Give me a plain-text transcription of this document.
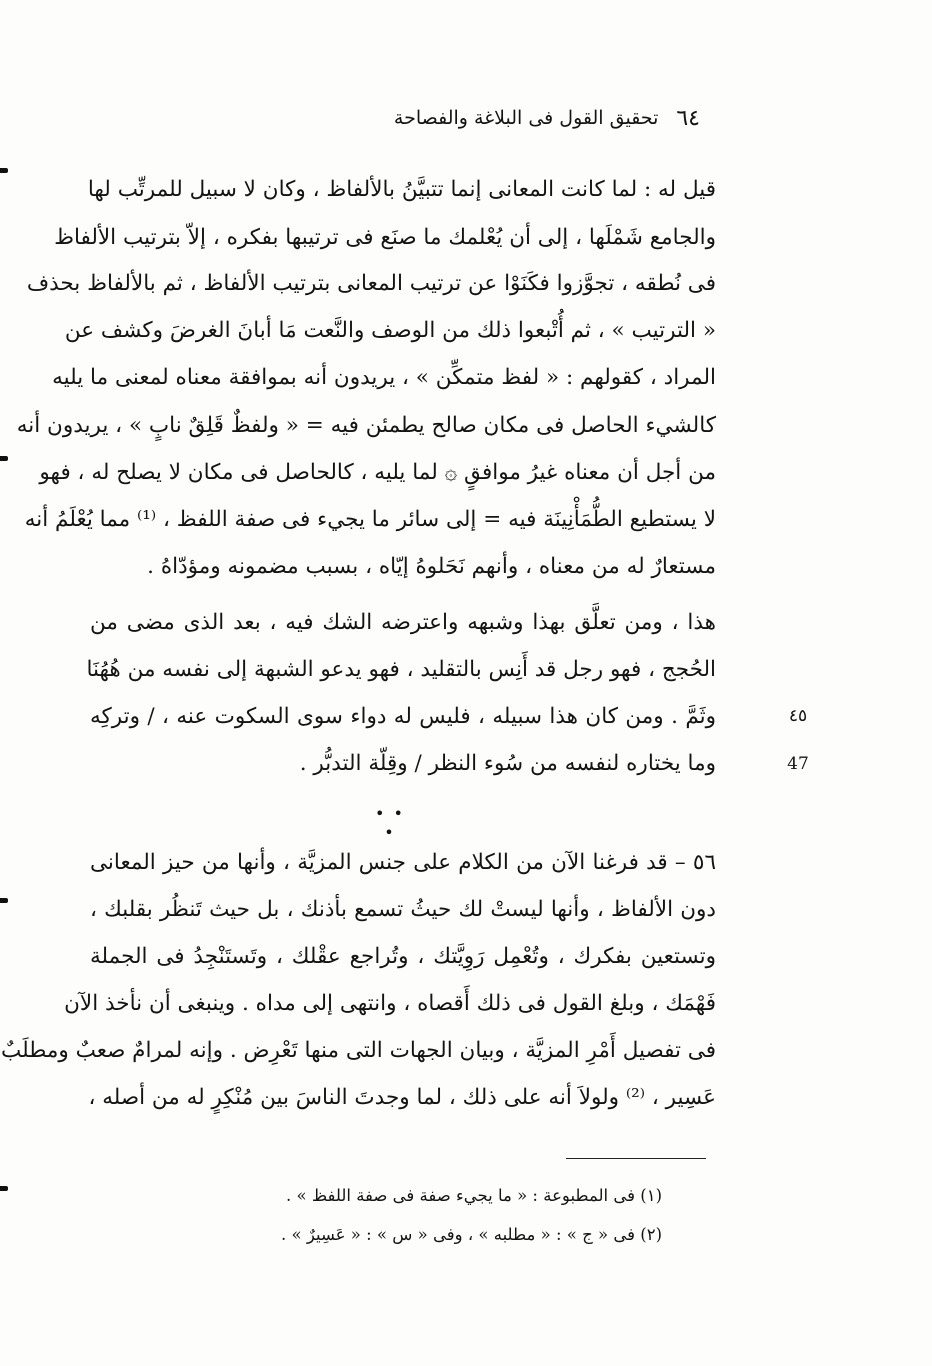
٦٤
تحقيق القول فى البلاغة والفصاحة
قيل له : لما كانت المعانى إنما تتبيَّنُ بالألفاظ ، وكان لا سبيل للمرتِّب لها
والجامع شَمْلَها ، إلى أن يُعْلمك ما صنَع فى ترتيبها بفكره ، إلاّ بترتيب الألفاظ
فى نُطقه ، تجوَّزوا فكَنَوْا عن ترتيب المعانى بترتيب الألفاظ ، ثم بالألفاظ بحذف
« الترتيب » ، ثم أُتْبعوا ذلك من الوصف والنَّعت مَا أبانَ الغرضَ وكشف عن
المراد ، كقولهم : « لفظ متمكِّن » ، يريدون أنه بموافقة معناه لمعنى ما يليه
كالشيء الحاصل فى مكان صالح يطمئن فيه = « ولفظٌ قَلِقٌ نابٍ » ، يريدون أنه
من أجل أن معناه غيرُ موافقٍ ۞ لما يليه ، كالحاصل فى مكان لا يصلح له ، فهو
لا يستطيع الطُّمَأْنِينَة فيه = إلى سائر ما يجيء فى صفة اللفظ ، ⁽¹⁾ مما يُعْلَمُ أنه
مستعارٌ له من معناه ، وأنهم نَحَلوهُ إيّاه ، بسبب مضمونه ومؤدّاهُ .
هذا ، ومن تعلَّق بهذا وشبهه واعترضه الشك فيه ، بعد الذى مضى من
الحُجج ، فهو رجل قد أَنِس بالتقليد ، فهو يدعو الشبهة إلى نفسه من هُهُنَا
وثَمَّ . ومن كان هذا سبيله ، فليس له دواء سوى السكوت عنه ، / وتركِه
وما يختاره لنفسه من سُوء النظر / وقِلّة التدبُّر .
٤٥
47
• • •
٥٦ – قد فرغنا الآن من الكلام على جنس المزيَّة ، وأنها من حيز المعانى
دون الألفاظ ، وأنها ليستْ لك حيثُ تسمع بأذنك ، بل حيث تَنظُر بقلبك ،
وتستعين بفكرك ، وتُعْمِل رَوِيَّتك ، وتُراجع عقْلك ، وتَستَنْجِدُ فى الجملة
فَهْمَك ، وبلغ القول فى ذلك أَقصاه ، وانتهى إلى مداه . وينبغى أن نأخذ الآن
فى تفصيل أَمْرِ المزيَّة ، وبيان الجهات التى منها تَعْرِض . وإنه لمرامٌ صعبٌ ومطلَبٌ
عَسِير ، ⁽²⁾ ولولاَ أنه على ذلك ، لما وجدتَ الناسَ بين مُنْكِرٍ له من أصله ،
(١) فى المطبوعة : « ما يجيء صفة فى صفة اللفظ » .
(٢) فى « ج » : « مطلبه » ، وفى « س » : « عَسِيرٌ » .
